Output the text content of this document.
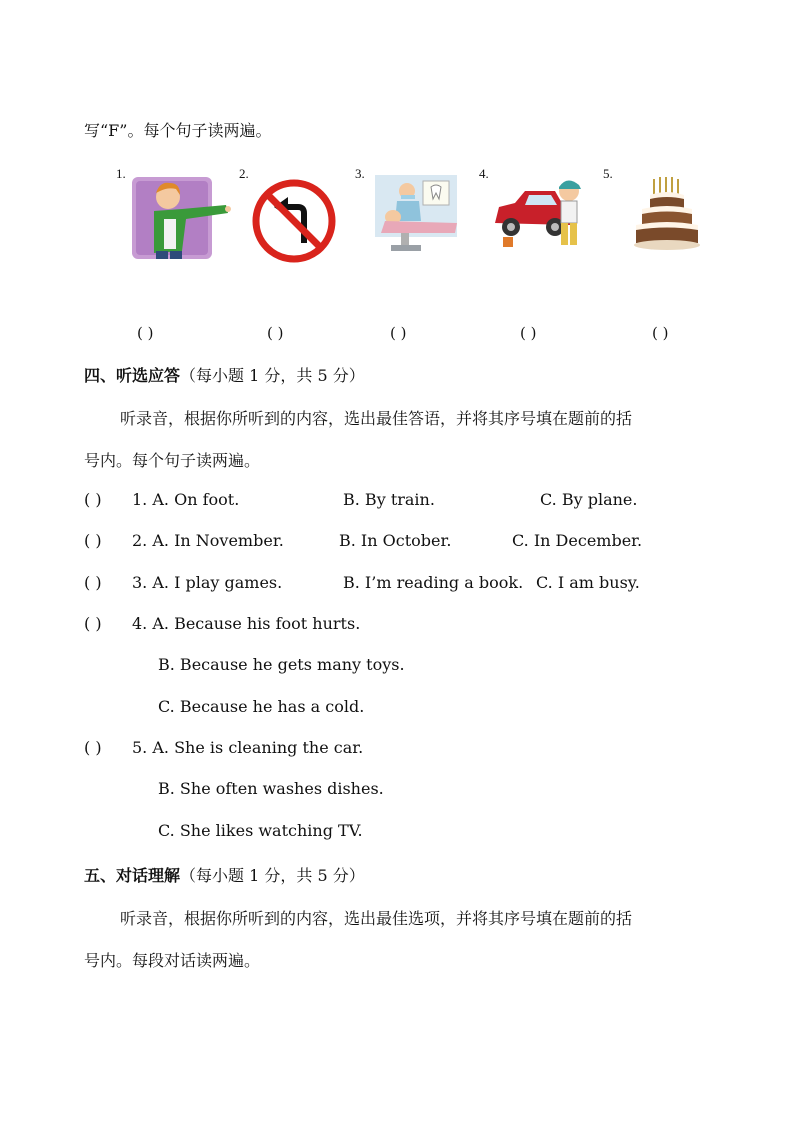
写“F”。每个句子读两遍。
1.	2.	3.	4.	5.
( )	( )	( )	( )	( )
四、听选应答（每小题 1 分，共 5 分）
听录音，根据你所听到的内容，选出最佳答语，并将其序号填在题前的括
号内。每个句子读两遍。
( ) 1. A. On foot.	B. By train.	C. By plane.
( ) 2. A. In November.	B. In October.	C. In December.
( ) 3. A. I play games.	B. I’m reading a book. C. I am busy.
( ) 4. A. Because his foot hurts.
B. Because he gets many toys.
C. Because he has a cold.
( ) 5. A. She is cleaning the car.
B. She often washes dishes.
C. She likes watching TV.
五、对话理解（每小题 1 分，共 5 分）
听录音，根据你所听到的内容，选出最佳选项，并将其序号填在题前的括
号内。每段对话读两遍。
